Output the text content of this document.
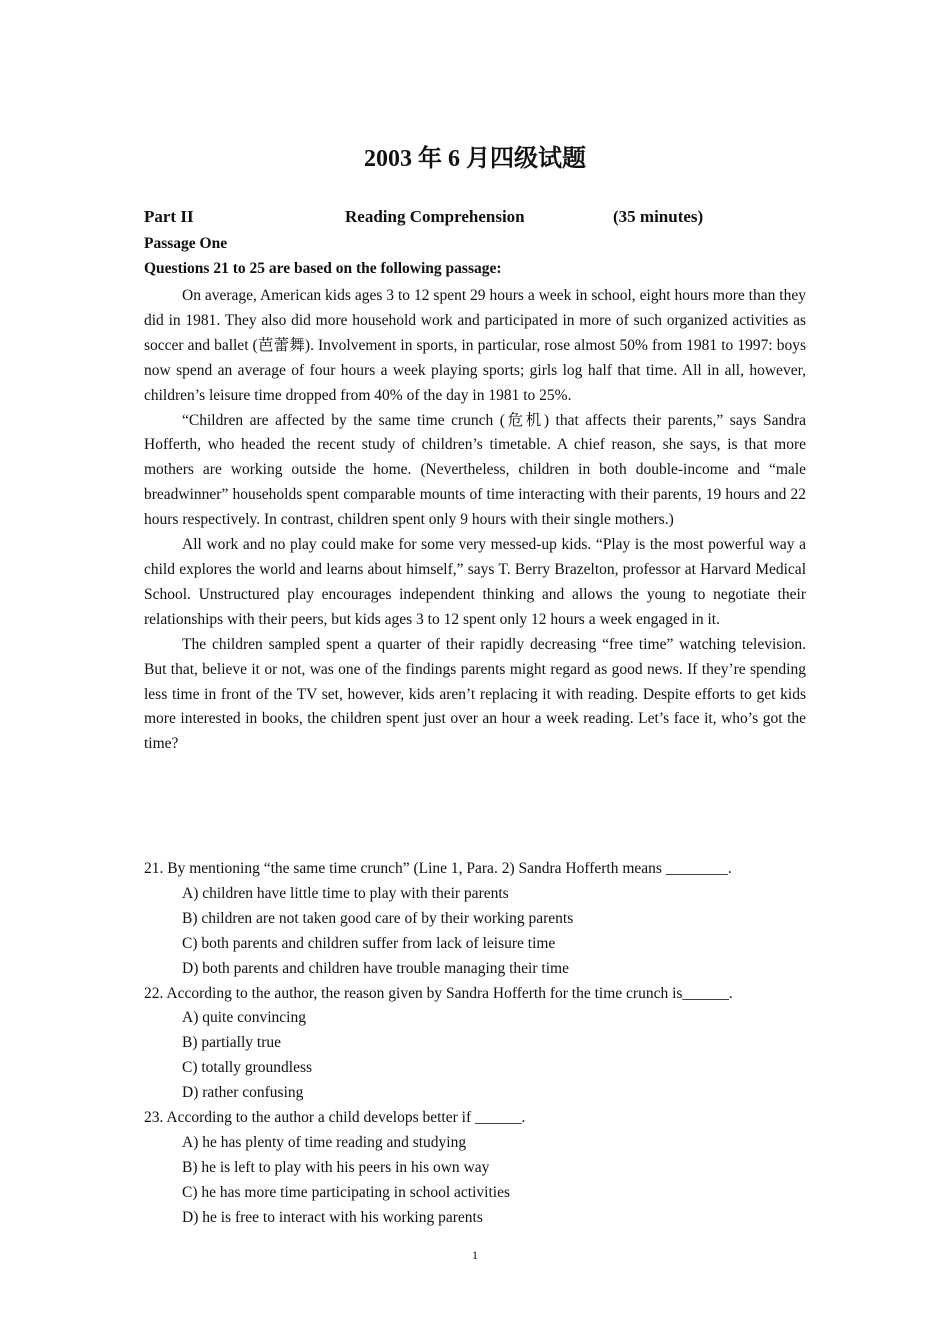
2003 年 6 月四级试题
Part II	Reading Comprehension	(35 minutes)
Passage One
Questions 21 to 25 are based on the following passage:

On average, American kids ages 3 to 12 spent 29 hours a week in school, eight hours more than they did in 1981. They also did more household work and participated in more of such organized activities as soccer and ballet (芭蕾舞). Involvement in sports, in particular, rose almost 50% from 1981 to 1997: boys now spend an average of four hours a week playing sports; girls log half that time. All in all, however, children’s leisure time dropped from 40% of the day in 1981 to 25%.

“Children are affected by the same time crunch (危机) that affects their parents,” says Sandra Hofferth, who headed the recent study of children’s timetable. A chief reason, she says, is that more mothers are working outside the home. (Nevertheless, children in both double-income and “male breadwinner” households spent comparable mounts of time interacting with their parents, 19 hours and 22 hours respectively. In contrast, children spent only 9 hours with their single mothers.)

All work and no play could make for some very messed-up kids. “Play is the most powerful way a child explores the world and learns about himself,” says T. Berry Brazelton, professor at Harvard Medical School. Unstructured play encourages independent thinking and allows the young to negotiate their relationships with their peers, but kids ages 3 to 12 spent only 12 hours a week engaged in it.

The children sampled spent a quarter of their rapidly decreasing “free time” watching television. But that, believe it or not, was one of the findings parents might regard as good news. If they’re spending less time in front of the TV set, however, kids aren’t replacing it with reading. Despite efforts to get kids more interested in books, the children spent just over an hour a week reading. Let’s face it, who’s got the time?

21. By mentioning “the same time crunch” (Line 1, Para. 2) Sandra Hofferth means ________.
A) children have little time to play with their parents
B) children are not taken good care of by their working parents
C) both parents and children suffer from lack of leisure time
D) both parents and children have trouble managing their time
22. According to the author, the reason given by Sandra Hofferth for the time crunch is______.
A) quite convincing
B) partially true
C) totally groundless
D) rather confusing
23. According to the author a child develops better if ______.
A) he has plenty of time reading and studying
B) he is left to play with his peers in his own way
C) he has more time participating in school activities
D) he is free to interact with his working parents
1
